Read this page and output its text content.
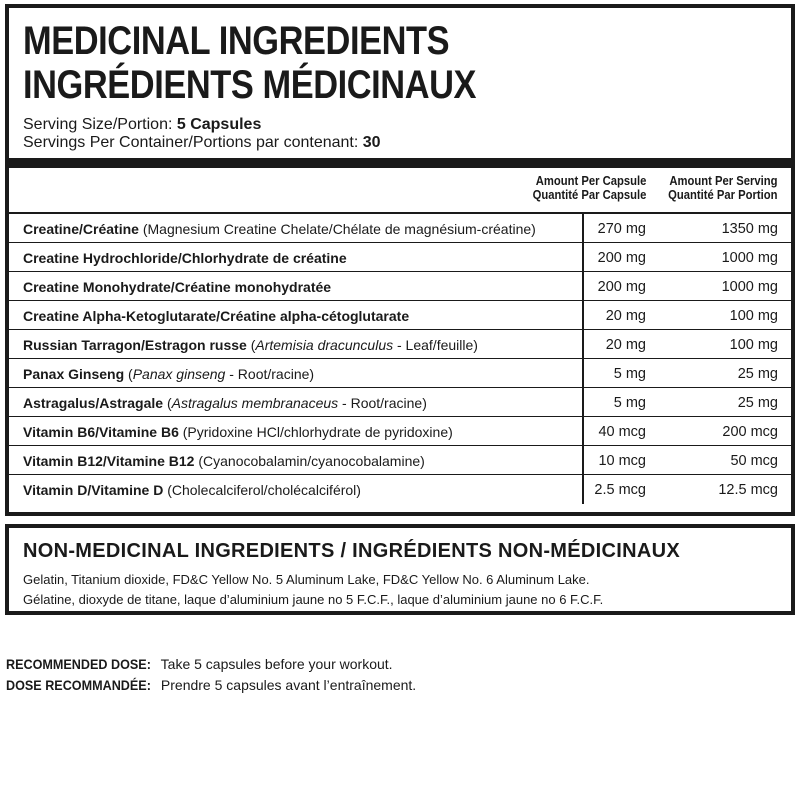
MEDICINAL INGREDIENTS
INGRÉDIENTS MÉDICINAUX
Serving Size/Portion: 5 Capsules
Servings Per Container/Portions par contenant: 30
Amount Per Capsule
Quantité Par Capsule
Amount Per Serving
Quantité Par Portion
Creatine/Créatine (Magnesium Creatine Chelate/Chélate de magnésium-créatine)	270 mg	1350 mg
Creatine Hydrochloride/Chlorhydrate de créatine	200 mg	1000 mg
Creatine Monohydrate/Créatine monohydratée	200 mg	1000 mg
Creatine Alpha-Ketoglutarate/Créatine alpha-cétoglutarate	20 mg	100 mg
Russian Tarragon/Estragon russe (Artemisia dracunculus - Leaf/feuille)	20 mg	100 mg
Panax Ginseng (Panax ginseng - Root/racine)	5 mg	25 mg
Astragalus/Astragale (Astragalus membranaceus - Root/racine)	5 mg	25 mg
Vitamin B6/Vitamine B6 (Pyridoxine HCl/chlorhydrate de pyridoxine)	40 mcg	200 mcg
Vitamin B12/Vitamine B12 (Cyanocobalamin/cyanocobalamine)	10 mcg	50 mcg
Vitamin D/Vitamine D (Cholecalciferol/cholécalciférol)	2.5 mcg	12.5 mcg
NON-MEDICINAL INGREDIENTS / INGRÉDIENTS NON-MÉDICINAUX
Gelatin, Titanium dioxide, FD&C Yellow No. 5 Aluminum Lake, FD&C Yellow No. 6 Aluminum Lake.
Gélatine, dioxyde de titane, laque d’aluminium jaune no 5 F.C.F., laque d’aluminium jaune no 6 F.C.F.
RECOMMENDED DOSE: Take 5 capsules before your workout.
DOSE RECOMMANDÉE: Prendre 5 capsules avant l’entraînement.
